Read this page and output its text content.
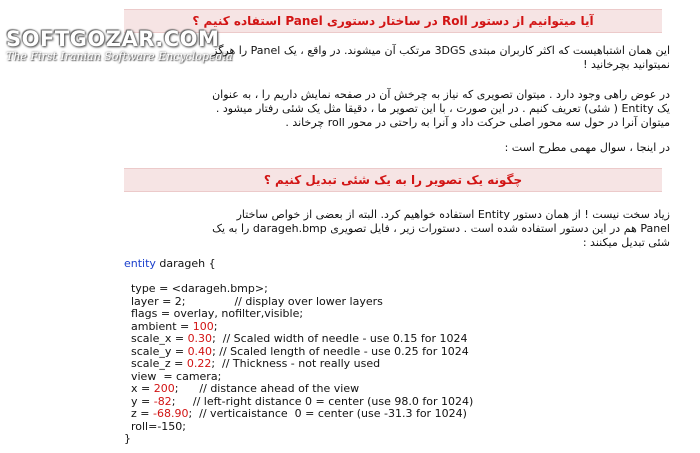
آیا میتوانیم از دستور Roll در ساختار دستوری Panel استفاده کنیم ؟
SOFTGOZAR.COM
The First Iranian Software Encyclopedia
این همان اشتباهیست که اکثر کاربران مبتدی 3DGS مرتکب آن میشوند. در واقع ، یک Panel را هرگز
نمیتوانید بچرخانید !
در عوض راهی وجود دارد . میتوان تصویری که نیاز به چرخش آن در صفحه نمایش داریم را ، به عنوان
یک Entity ( شئی) تعریف کنیم . در این صورت ، با این تصویر ما ، دقیقا مثل یک شئی رفتار میشود .
میتوان آنرا در حول سه محور اصلی حرکت داد و آنرا به راحتی در محور roll چرخاند .
در اینجا ، سوال مهمی مطرح است :
چگونه یک تصویر را به یک شئی تبدیل کنیم ؟
زیاد سخت نیست ! از همان دستور Entity استفاده خواهیم کرد. البته از بعضی از خواص ساختار
Panel هم در این دستور استفاده شده است . دستورات زیر ، فایل تصویری darageh.bmp را به یک
شئی تبدیل میکنند :
entity darageh {
type = <darageh.bmp>;
layer = 2;              // display over lower layers
flags = overlay, nofilter,visible;
ambient = 100;
scale_x = 0.30;  // Scaled width of needle - use 0.15 for 1024
scale_y = 0.40; // Scaled length of needle - use 0.25 for 1024
scale_z = 0.22;  // Thickness - not really used
view  = camera;
x = 200;      // distance ahead of the view
y = -82;     // left-right distance 0 = center (use 98.0 for 1024)
z = -68.90;  // verticaistance  0 = center (use -31.3 for 1024)
roll=-150;
}
